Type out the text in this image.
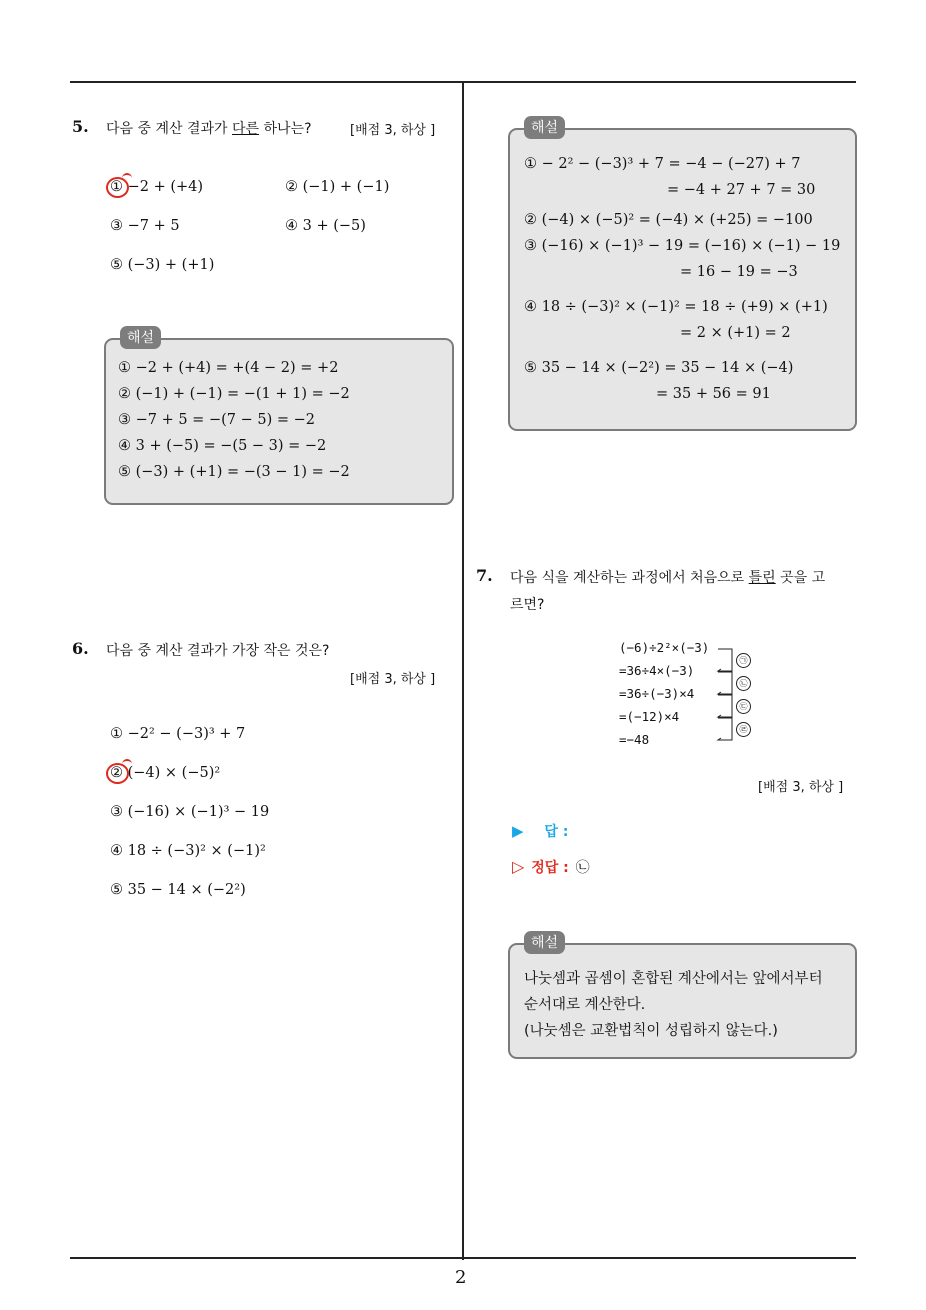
2
5. 다음 중 계산 결과가 다른 하나는?	[배점 3, 하상 ]
① −2 + (+4)	② (−1) + (−1)
③ −7 + 5	④ 3 + (−5)
⑤ (−3) + (+1)
① −2 + (+4) = +(4 − 2) = +2
② (−1) + (−1) = −(1 + 1) = −2
③ −7 + 5 = −(7 − 5) = −2
④ 3 + (−5) = −(5 − 3) = −2
⑤ (−3) + (+1) = −(3 − 1) = −2
해설
6. 다음 중 계산 결과가 가장 작은 것은?
[배점 3, 하상 ]
① −2² − (−3)³ + 7
② (−4) × (−5)²
③ (−16) × (−1)³ − 19
④ 18 ÷ (−3)² × (−1)²
⑤ 35 − 14 × (−2²)
① − 2² − (−3)³ + 7 = −4 − (−27) + 7
= −4 + 27 + 7 = 30
② (−4) × (−5)² = (−4) × (+25) = −100
③ (−16) × (−1)³ − 19 = (−16) × (−1) − 19
= 16 − 19 = −3
④ 18 ÷ (−3)² × (−1)² = 18 ÷ (+9) × (+1)
= 2 × (+1) = 2
⑤ 35 − 14 × (−2²) = 35 − 14 × (−4)
= 35 + 56 = 91
해설
7. 다음 식을 계산하는 과정에서 처음으로 틀린 곳을 고
르면?
(−6)÷2²×(−3)
=36÷4×(−3)
=36÷(−3)×4
=(−12)×4
=−48
㉠
㉡
㉢
㉣
[배점 3, 하상 ]
▶ 답 :
▷ 정답 : ㉡
나눗셈과 곱셈이 혼합된 계산에서는 앞에서부터
순서대로 계산한다.
(나눗셈은 교환법칙이 성립하지 않는다.)
해설
